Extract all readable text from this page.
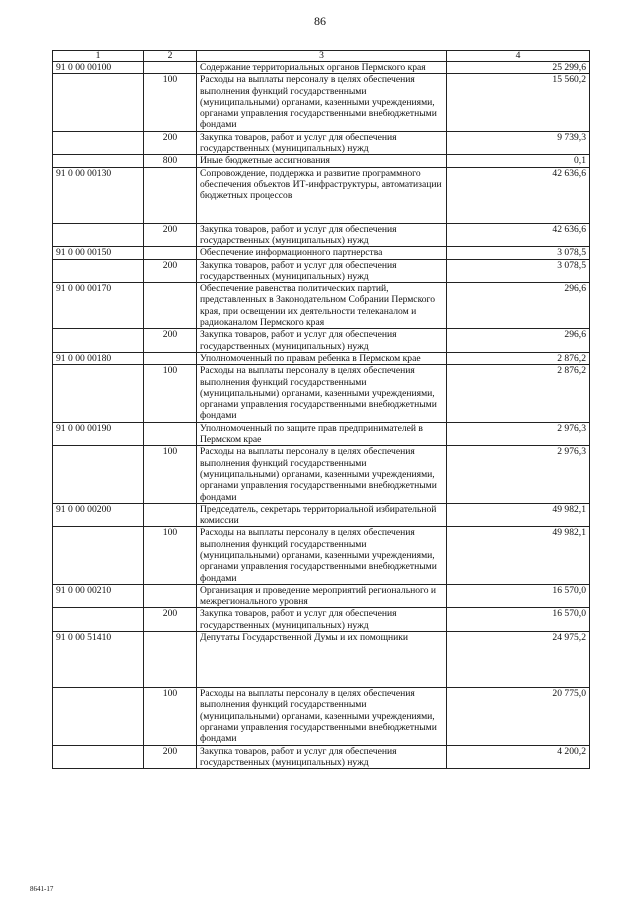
86
1	2	3	4
91 0 00 00100		Содержание территориальных органов Пермского края	25 299,6
	100	Расходы на выплаты персоналу в целях обеспечения выполнения функций государственными (муниципальными) органами, казенными учреждениями, органами управления государственными внебюджетными фондами	15 560,2
	200	Закупка товаров, работ и услуг для обеспечения государственных (муниципальных) нужд	9 739,3
	800	Иные бюджетные ассигнования	0,1
91 0 00 00130		Сопровождение, поддержка и развитие программного обеспечения объектов ИТ-инфраструктуры, автоматизации бюджетных процессов	42 636,6
	200	Закупка товаров, работ и услуг для обеспечения государственных (муниципальных) нужд	42 636,6
91 0 00 00150		Обеспечение информационного партнерства	3 078,5
	200	Закупка товаров, работ и услуг для обеспечения государственных (муниципальных) нужд	3 078,5
91 0 00 00170		Обеспечение равенства политических партий, представленных в Законодательном Собрании Пермского края, при освещении их деятельности телеканалом и радиоканалом Пермского края	296,6
	200	Закупка товаров, работ и услуг для обеспечения государственных (муниципальных) нужд	296,6
91 0 00 00180		Уполномоченный по правам ребенка в Пермском крае	2 876,2
	100	Расходы на выплаты персоналу в целях обеспечения выполнения функций государственными (муниципальными) органами, казенными учреждениями, органами управления государственными внебюджетными фондами	2 876,2
91 0 00 00190		Уполномоченный по защите прав предпринимателей в Пермском крае	2 976,3
	100	Расходы на выплаты персоналу в целях обеспечения выполнения функций государственными (муниципальными) органами, казенными учреждениями, органами управления государственными внебюджетными фондами	2 976,3
91 0 00 00200		Председатель, секретарь территориальной избирательной комиссии	49 982,1
	100	Расходы на выплаты персоналу в целях обеспечения выполнения функций государственными (муниципальными) органами, казенными учреждениями, органами управления государственными внебюджетными фондами	49 982,1
91 0 00 00210		Организация и проведение мероприятий регионального и межрегионального уровня	16 570,0
	200	Закупка товаров, работ и услуг для обеспечения государственных (муниципальных) нужд	16 570,0
91 0 00 51410		Депутаты Государственной Думы и их помощники	24 975,2
	100	Расходы на выплаты персоналу в целях обеспечения выполнения функций государственными (муниципальными) органами, казенными учреждениями, органами управления государственными внебюджетными фондами	20 775,0
	200	Закупка товаров, работ и услуг для обеспечения государственных (муниципальных) нужд	4 200,2
8641-17
